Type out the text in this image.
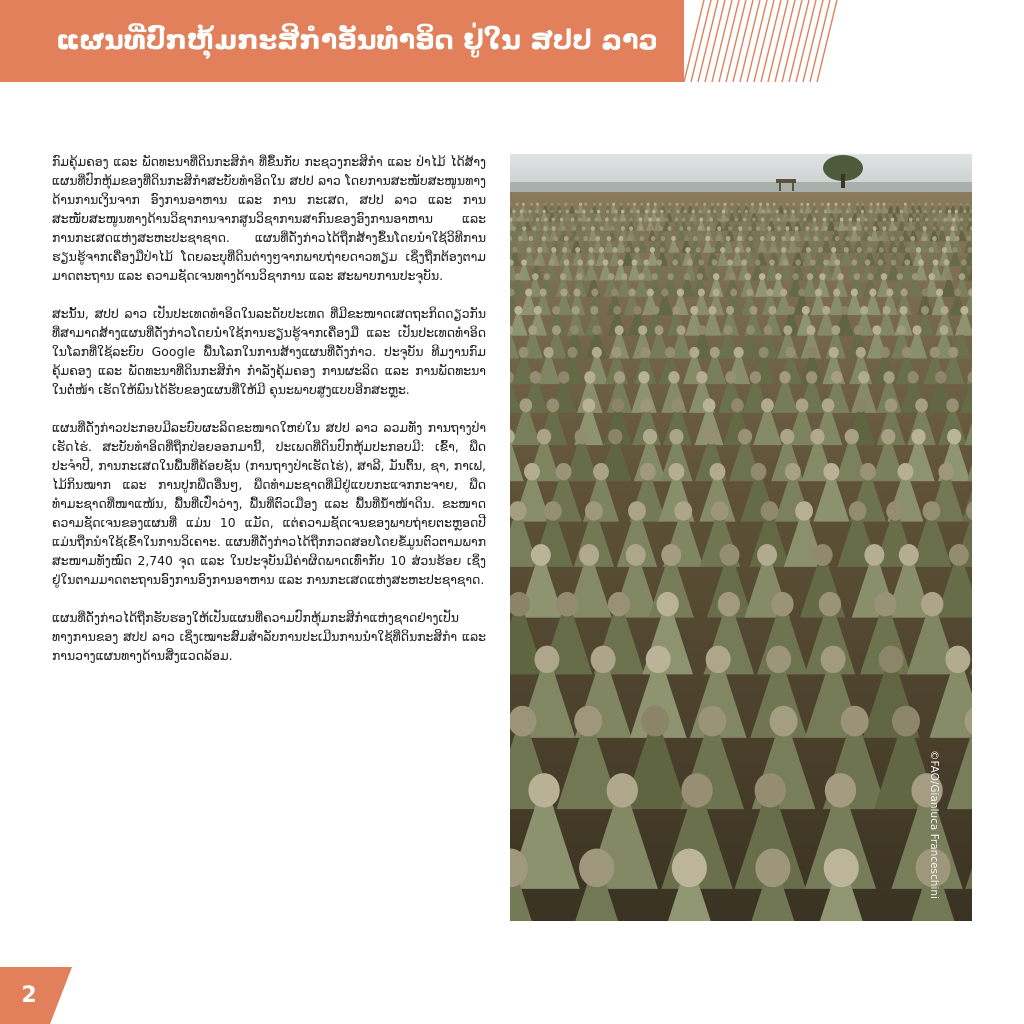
ແຜນທີ່ປົກຫຸ້ມກະສິກຳອັນທຳອິດ ຢູ່ໃນ ສປປ ລາວ

ກົມຄຸ້ມຄອງ ແລະ ພັດທະນາທີ່ດິນກະສິກຳ ທີ່ຂຶ້ນກັບ ກະຊວງກະສິກຳ ແລະ ປ່າໄມ້ ໄດ້ສ້າງແຜນທີ່ປົກຫຸ້ມຂອງທີ່ດິນກະສິກຳສະບັບທຳອິດໃນ ສປປ ລາວ ໂດຍການສະໜັບສະໜູນທາງດ້ານການເງິນຈາກ ອົງການອາຫານ ແລະ ການ ກະເສດ, ສປປ ລາວ ແລະ ການສະໜັບສະໜູນທາງດ້ານວິຊາການຈາກສູນວິຊາການສາກົນຂອງອົງການອາຫານ ແລະ ການກະເສດແຫ່ງສະຫະປະຊາຊາດ. ແຜນທີ່ດັ່ງກ່າວໄດ້ຖືກສ້າງຂຶ້ນໂດຍນໍາໃຊ້ວິທີການຮຽນຮູ້ຈາກເຄື່ອງມືປ່າໄມ້ ໂດຍລະບຸທີ່ດິນຕ່າງໆຈາກພາບຖ່າຍດາວທຽມ ເຊິ່ງຖືກຕ້ອງຕາມມາດຕະຖານ ແລະ ຄວາມຊັດເຈນທາງດ້ານວິຊາການ ແລະ ສະພາບການປະຈຸບັນ.

ສະນັ້ນ, ສປປ ລາວ ເປັນປະເທດທຳອິດໃນລະດັບປະເທດ ທີ່ມີຂະໜາດເສດຖະກິດດຽວກັນທີ່ສາມາດສ້າງແຜນທີ່ດັ່ງກ່າວໂດຍນໍາໃຊ້ການຮຽນຮູ້ຈາກເຄື່ອງມື ແລະ ເປັນປະເທດທຳອິດໃນໂລກທີ່ໃຊ້ລະບົບ Google ພື້ນໂລກໃນການສ້າງແຜນທີ່ດັ່ງກ່າວ. ປະຈຸບັນ ທີມງານກົມຄຸ້ມຄອງ ແລະ ພັດທະນາທີ່ດິນກະສິກຳ ກຳລັງຄຸ້ມຄອງ ການຜະລິດ ແລະ ການພັດທະນາໃນຕໍ່ໜ້າ ເຮັດໃຫ້ພົນໄດ້ຮັບຂອງແຜນທີ່ໃຫ້ມີ ຄຸນະພາບສູງແບບອີກສະຫຼະ.

ແຜນທີ່ດັ່ງກ່າວປະກອບມີລະບົບຜະລິດຂະໜາດໃຫຍ່ໃນ ສປປ ລາວ ລວມທັງ ການຖາງປ່າເຮັດໄຮ່. ສະບັບທຳອິດທີ່ຖືກປ່ອຍອອກມານີ້, ປະເພດທີ່ດິນປົກຫຸ້ມປະກອບມີ: ເຂົ້າ, ພືດປະຈຳປີ, ການກະເສດໃນພື້ນທີ່ຄ້ອຍຊັນ (ການຖາງປ່າເຮັດໄຮ່), ສາລີ, ມັນຕົ້ນ, ຊາ, ກາເຟ, ໄມ້ກິນໝາກ ແລະ ການປູກພືດອື່ນໆ, ພືດທຳມະຊາດທີ່ມີຢູ່ແບບກະແຈກກະຈາຍ, ພືດທຳມະຊາດທີ່ໜາແໜ້ນ, ພື້ນທີ່ເປົ່າວ່າງ, ພື້ນທີ່ຕົວເມືອງ ແລະ ພື້ນທີ່ນໍ້າໜ້າດິນ. ຂະໜາດຄວາມຊັດເຈນຂອງແຜນທີ່ ແມ່ນ 10 ແມັດ, ແຕ່ຄວາມຊັດເຈນຂອງພາບຖ່າຍຕະຫຼອດປີແມ່ນຖືກນໍາໃຊ້ເຂົ້າໃນການວິເຄາະ. ແຜນທີ່ດັ່ງກ່າວໄດ້ຖືກກວດສອບໂດຍຂໍ້ມູນຕົວຕາມພາກສະໜາມທັງໝົດ 2,740 ຈຸດ ແລະ ໃນປະຈຸບັນມີຄ່າຜິດພາດເທົ່າກັບ 10 ສ່ວນຮ້ອຍ ເຊິ່ງຢູ່ໃນຕາມມາດຕະຖານອົງການອົງການອາຫານ ແລະ ການກະເສດແຫ່ງສະຫະປະຊາຊາດ.

ແຜນທີ່ດັ່ງກ່າວໄດ້ຖືກຮັບຮອງໃຫ້ເປັນແຜນທີ່ຄວາມປົກຫຸ້ມກະສິກຳແຫ່ງຊາດຢ່າງເປັນທາງການຂອງ ສປປ ລາວ ເຊິ່ງເໝາະສົມສໍາລັບການປະເມີນການນໍາໃຊ້ທີ່ດິນກະສິກຳ ແລະ ການວາງແຜນທາງດ້ານສິ່ງແວດລ້ອມ.

©FAO/Gianluca Franceschini
2
